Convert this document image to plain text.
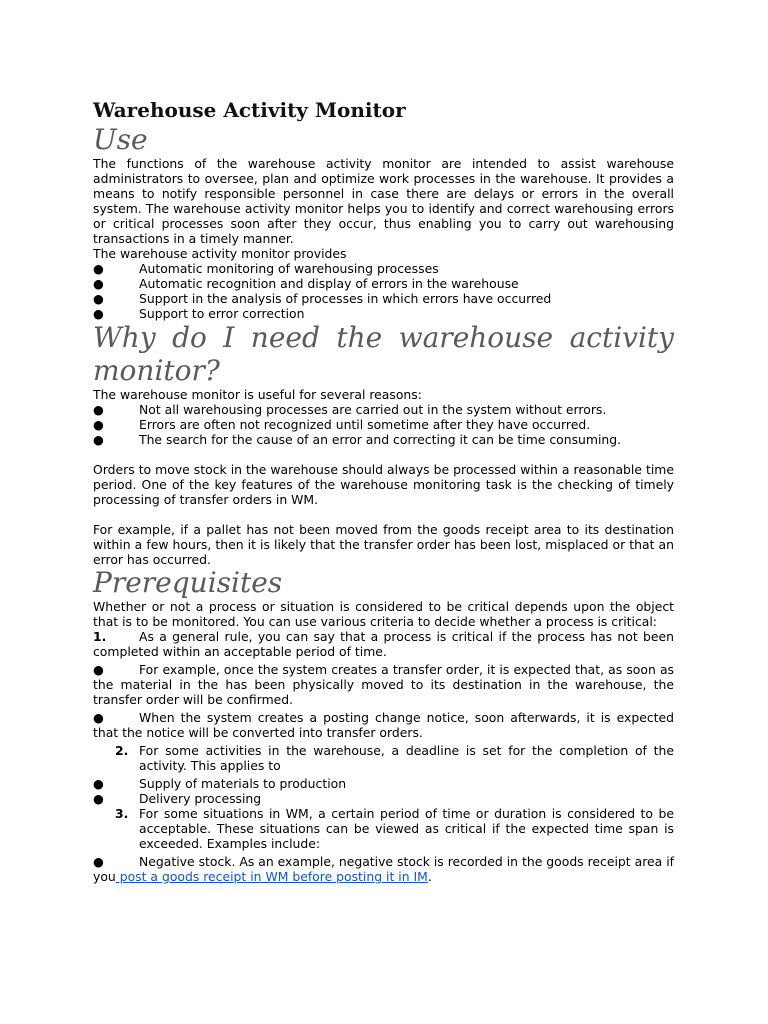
Warehouse Activity Monitor
Use

The functions of the warehouse activity monitor are intended to assist warehouse administrators to oversee, plan and optimize work processes in the warehouse. It provides a means to notify responsible personnel in case there are delays or errors in the overall system. The warehouse activity monitor helps you to identify and correct warehousing errors or critical processes soon after they occur, thus enabling you to carry out warehousing transactions in a timely manner.

The warehouse activity monitor provides

●	Automatic monitoring of warehousing processes
●	Automatic recognition and display of errors in the warehouse
●	Support in the analysis of processes in which errors have occurred
●	Support to error correction
Why do I need the warehouse activity monitor?

The warehouse monitor is useful for several reasons:

●	Not all warehousing processes are carried out in the system without errors.
●	Errors are often not recognized until sometime after they have occurred.
●	The search for the cause of an error and correcting it can be time consuming.

Orders to move stock in the warehouse should always be processed within a reasonable time period. One of the key features of the warehouse monitoring task is the checking of timely processing of transfer orders in WM.

For example, if a pallet has not been moved from the goods receipt area to its destination within a few hours, then it is likely that the transfer order has been lost, misplaced or that an error has occurred.

Prerequisites

Whether or not a process or situation is considered to be critical depends upon the object that is to be monitored. You can use various criteria to decide whether a process is critical:

1.	As a general rule, you can say that a process is critical if the process has not been completed within an acceptable period of time.

●	For example, once the system creates a transfer order, it is expected that, as soon as the material in the has been physically moved to its destination in the warehouse, the transfer order will be confirmed.

●	When the system creates a posting change notice, soon afterwards, it is expected that the notice will be converted into transfer orders.

2. For some activities in the warehouse, a deadline is set for the completion of the activity. This applies to
●	Supply of materials to production
●	Delivery processing
3. For some situations in WM, a certain period of time or duration is considered to be acceptable. These situations can be viewed as critical if the expected time span is exceeded. Examples include:

●	Negative stock. As an example, negative stock is recorded in the goods receipt area if you post a goods receipt in WM before posting it in IM.
